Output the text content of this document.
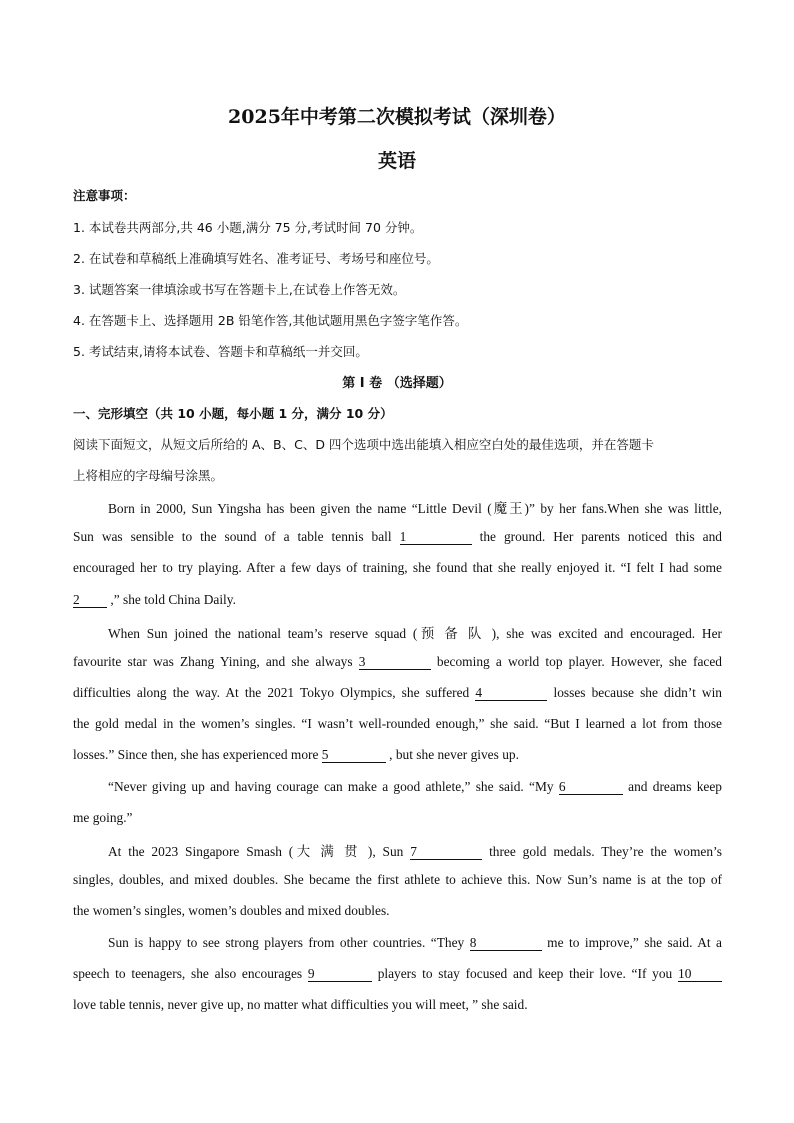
2025年中考第二次模拟考试（深圳卷）
英语
注意事项：
1. 本试卷共两部分,共 46 小题,满分 75 分,考试时间 70 分钟。
2. 在试卷和草稿纸上准确填写姓名、准考证号、考场号和座位号。
3. 试题答案一律填涂或书写在答题卡上,在试卷上作答无效。
4. 在答题卡上、选择题用 2B 铅笔作答,其他试题用黑色字签字笔作答。
5. 考试结束,请将本试卷、答题卡和草稿纸一并交回。
第 I 卷 （选择题）
一、完形填空（共 10 小题，每小题 1 分，满分 10 分）
阅读下面短文，从短文后所给的 A、B、C、D 四个选项中选出能填入相应空白处的最佳选项，并在答题卡
上将相应的字母编号涂黑。
Born in 2000, Sun Yingsha has been given the name “Little Devil (魔王)” by her fans.When she was little,
Sun was sensible to the sound of a table tennis ball 1	the ground. Her parents noticed this and
encouraged her to try playing. After a few days of training, she found that she really enjoyed it. “I felt I had some
2 ,” she told China Daily.
When Sun joined the national team’s reserve squad (预 备 队 ), she was excited and encouraged. Her
favourite star was Zhang Yining, and she always 3	becoming a world top player. However, she faced
difficulties along the way. At the 2021 Tokyo Olympics, she suffered 4	losses because she didn’t win
the gold medal in the women’s singles. “I wasn’t well-rounded enough,” she said. “But I learned a lot from those
losses.” Since then, she has experienced more 5	, but she never gives up.
“Never giving up and having courage can make a good athlete,” she said. “My 6	and dreams keep
me going.”
At the 2023 Singapore Smash (大 满 贯 ), Sun 7	three gold medals. They’re the women’s
singles, doubles, and mixed doubles. She became the first athlete to achieve this. Now Sun’s name is at the top of
the women’s singles, women’s doubles and mixed doubles.
Sun is happy to see strong players from other countries. “They 8	me to improve,” she said. At a
speech to teenagers, she also encourages 9	players to stay focused and keep their love. “If you 10
love table tennis, never give up, no matter what difficulties you will meet, ” she said.
